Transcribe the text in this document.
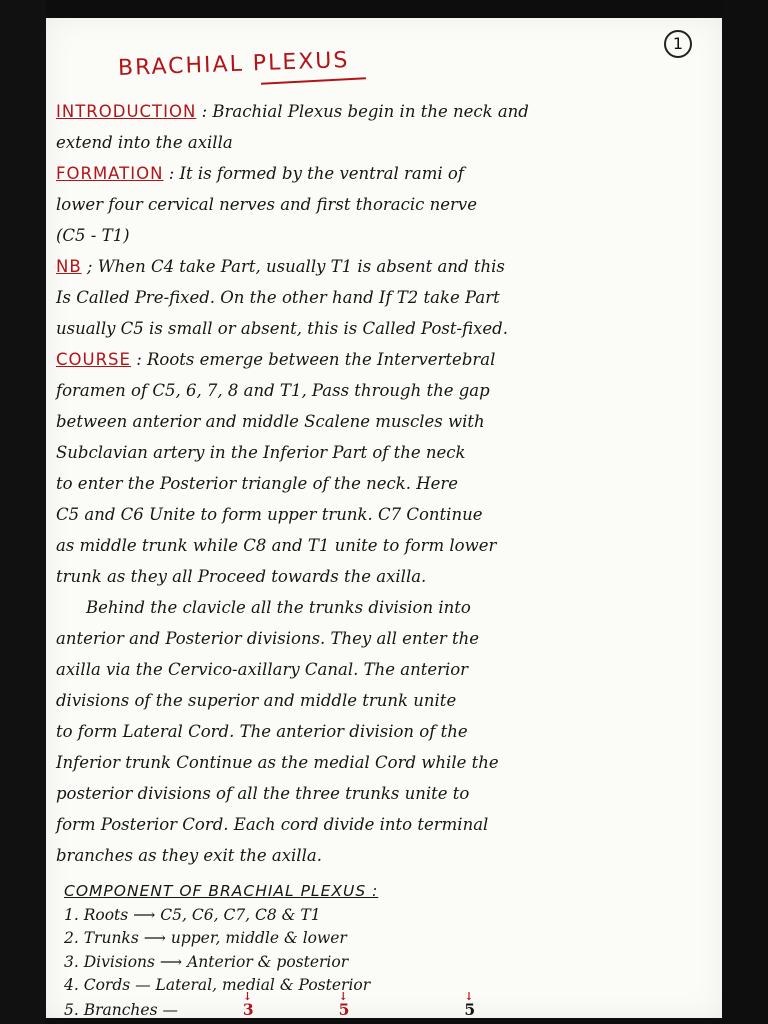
1
BRACHIAL PLEXUS
INTRODUCTION : Brachial Plexus begin in the neck and
extend into the axilla
FORMATION : It is formed by the ventral rami of
lower four cervical nerves and first thoracic nerve
(C5 - T1)
NB ; When C4 take Part, usually T1 is absent and this
Is Called Pre-fixed. On the other hand If T2 take Part
usually C5 is small or absent, this is Called Post-fixed.
COURSE : Roots emerge between the Intervertebral
foramen of C5, 6, 7, 8 and T1, Pass through the gap
between anterior and middle Scalene muscles with
Subclavian artery in the Inferior Part of the neck
to enter the Posterior triangle of the neck. Here
C5 and C6 Unite to form upper trunk. C7 Continue
as middle trunk while C8 and T1 unite to form lower
trunk as they all Proceed towards the axilla.
Behind the clavicle all the trunks division into
anterior and Posterior divisions. They all enter the
axilla via the Cervico-axillary Canal. The anterior
divisions of the superior and middle trunk unite
to form Lateral Cord. The anterior division of the
Inferior trunk Continue as the medial Cord while the
posterior divisions of all the three trunks unite to
form Posterior Cord. Each cord divide into terminal
branches as they exit the axilla.
COMPONENT OF BRACHIAL PLEXUS :
1. Roots ⟶ C5, C6, C7, C8 & T1
2. Trunks ⟶ upper, middle & lower
3. Divisions ⟶ Anterior & posterior
4. Cords — Lateral, medial & Posterior
5. Branches —	↓ 3	↓ 5	↓ 5
